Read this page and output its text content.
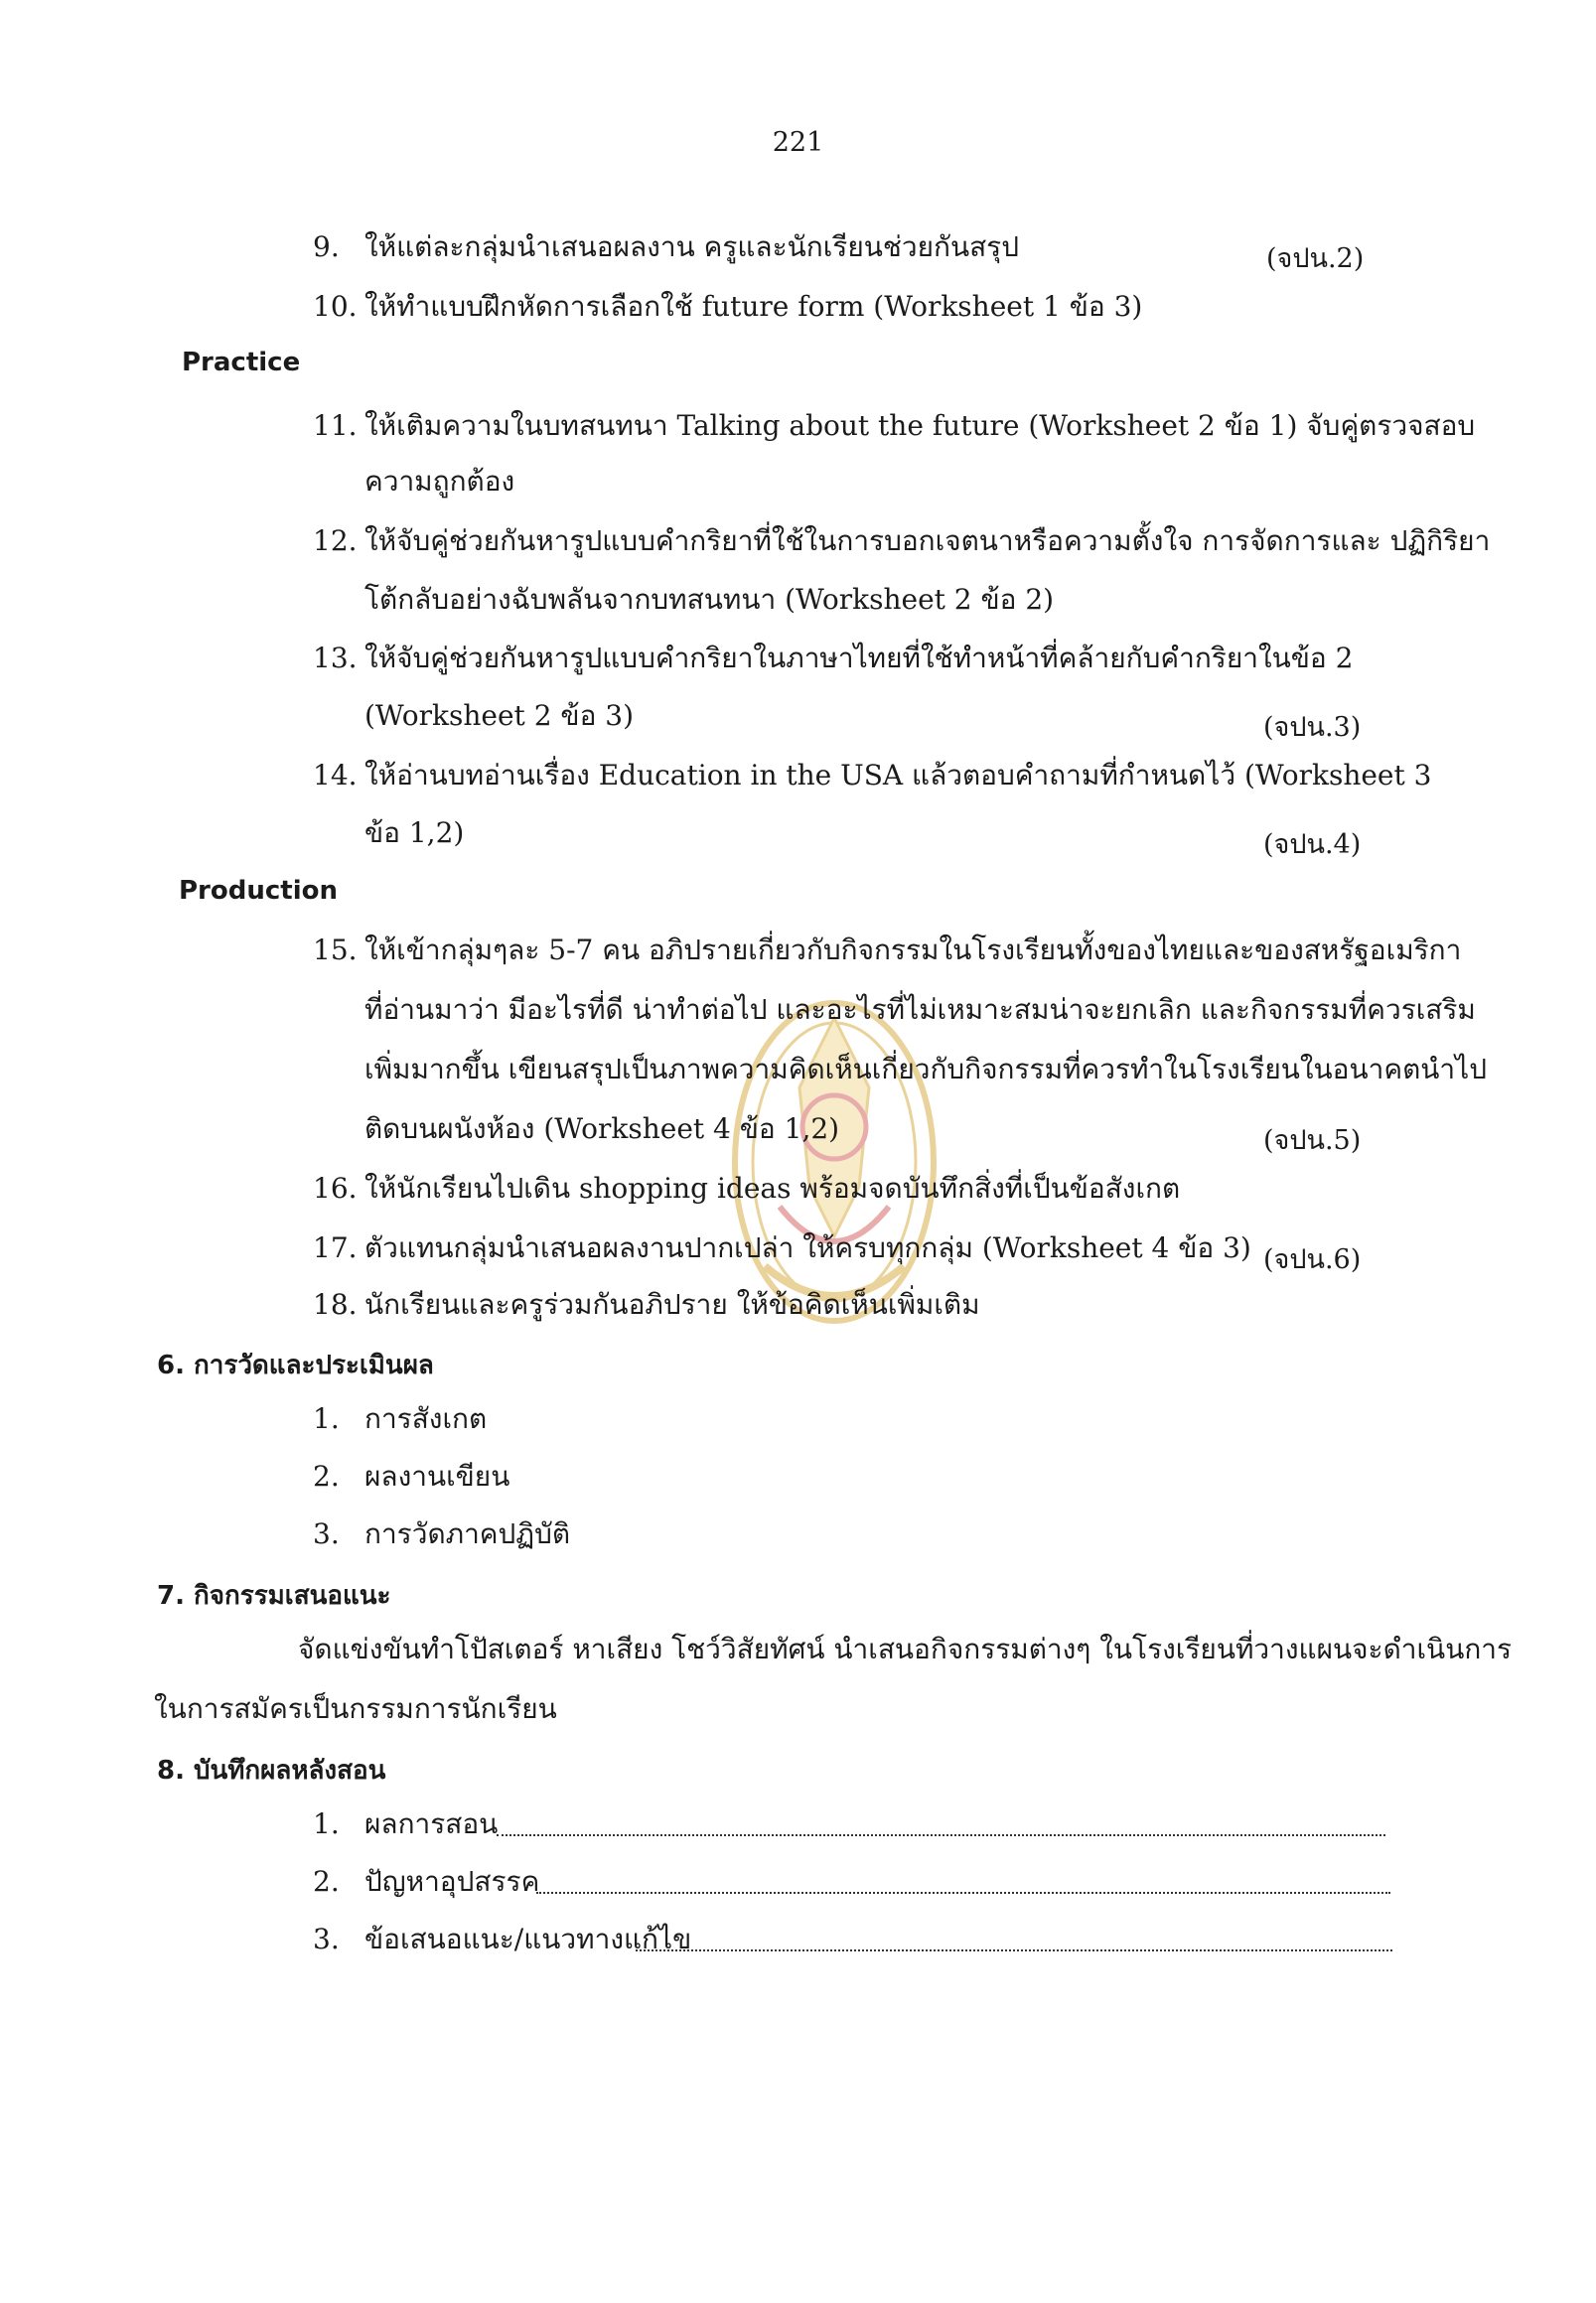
221
9. ให้แต่ละกลุ่มนำเสนอผลงาน ครูและนักเรียนช่วยกันสรุป	(จปน.2)
10. ให้ทำแบบฝึกหัดการเลือกใช้ future form (Worksheet 1 ข้อ 3)
Practice
11. ให้เติมความในบทสนทนา Talking about the future (Worksheet 2 ข้อ 1) จับคู่ตรวจสอบ
ความถูกต้อง
12. ให้จับคู่ช่วยกันหารูปแบบคำกริยาที่ใช้ในการบอกเจตนาหรือความตั้งใจ การจัดการและ ปฏิกิริยา
โต้กลับอย่างฉับพลันจากบทสนทนา (Worksheet 2 ข้อ 2)
13. ให้จับคู่ช่วยกันหารูปแบบคำกริยาในภาษาไทยที่ใช้ทำหน้าที่คล้ายกับคำกริยาในข้อ 2
(Worksheet 2 ข้อ 3)	(จปน.3)
14. ให้อ่านบทอ่านเรื่อง Education in the USA แล้วตอบคำถามที่กำหนดไว้ (Worksheet 3
ข้อ 1,2)	(จปน.4)
Production
15. ให้เข้ากลุ่มๆละ 5-7 คน อภิปรายเกี่ยวกับกิจกรรมในโรงเรียนทั้งของไทยและของสหรัฐอเมริกา
ที่อ่านมาว่า มีอะไรที่ดี น่าทำต่อไป และอะไรที่ไม่เหมาะสมน่าจะยกเลิก และกิจกรรมที่ควรเสริม
เพิ่มมากขึ้น เขียนสรุปเป็นภาพความคิดเห็นเกี่ยวกับกิจกรรมที่ควรทำในโรงเรียนในอนาคตนำไป
ติดบนผนังห้อง (Worksheet 4 ข้อ 1,2)	(จปน.5)
16. ให้นักเรียนไปเดิน shopping ideas พร้อมจดบันทึกสิ่งที่เป็นข้อสังเกต
17. ตัวแทนกลุ่มนำเสนอผลงานปากเปล่า ให้ครบทุกกลุ่ม (Worksheet 4 ข้อ 3) (จปน.6)
18. นักเรียนและครูร่วมกันอภิปราย ให้ข้อคิดเห็นเพิ่มเติม
6. การวัดและประเมินผล
1. การสังเกต
2. ผลงานเขียน
3. การวัดภาคปฏิบัติ
7. กิจกรรมเสนอแนะ
จัดแข่งขันทำโปัสเตอร์ หาเสียง โชว์วิสัยทัศน์ นำเสนอกิจกรรมต่างๆ ในโรงเรียนที่วางแผนจะดำเนินการ
ในการสมัครเป็นกรรมการนักเรียน
8. บันทึกผลหลังสอน
1. ผลการสอน
2. ปัญหาอุปสรรค
3. ข้อเสนอแนะ/แนวทางแก้ไข
